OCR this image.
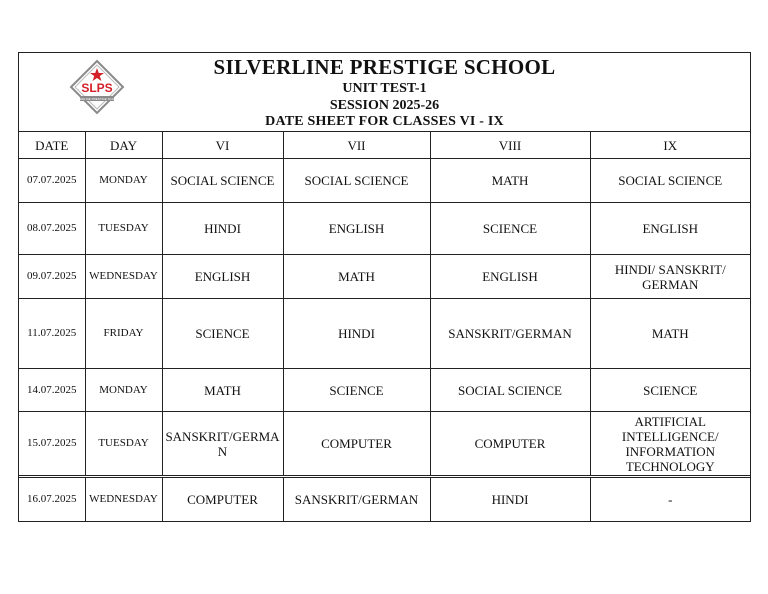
SLPS
SILVERLINE PRESTIGE SCHOOL
SILVERLINE PRESTIGE SCHOOL
UNIT TEST-1
SESSION 2025-26
DATE SHEET FOR CLASSES VI - IX
DATE	DAY	VI	VII	VIII	IX
07.07.2025	MONDAY	SOCIAL SCIENCE	SOCIAL SCIENCE	MATH	SOCIAL SCIENCE
08.07.2025	TUESDAY	HINDI	ENGLISH	SCIENCE	ENGLISH
09.07.2025	WEDNESDAY	ENGLISH	MATH	ENGLISH	HINDI/ SANSKRIT/ GERMAN
11.07.2025	FRIDAY	SCIENCE	HINDI	SANSKRIT/GERMAN	MATH
14.07.2025	MONDAY	MATH	SCIENCE	SOCIAL SCIENCE	SCIENCE
15.07.2025	TUESDAY	SANSKRIT/GERMAN	COMPUTER	COMPUTER	ARTIFICIAL INTELLIGENCE/ INFORMATION TECHNOLOGY
16.07.2025	WEDNESDAY	COMPUTER	SANSKRIT/GERMAN	HINDI	-
